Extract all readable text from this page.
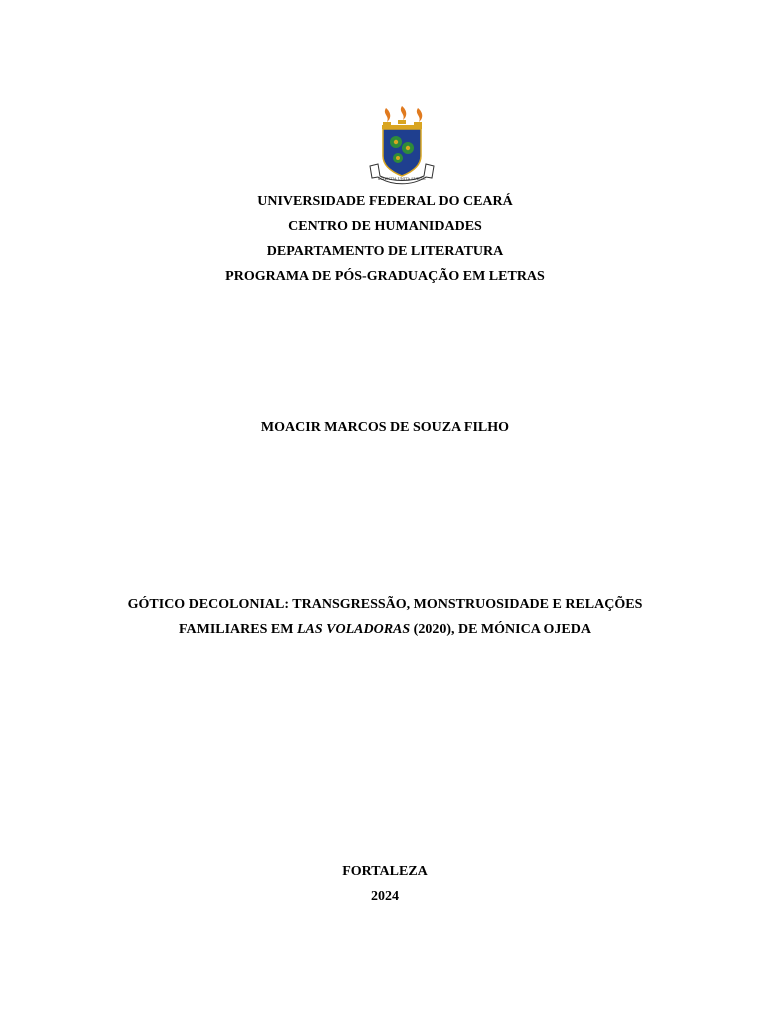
SCIENTIA UNITA SURGIT
UNIVERSIDADE FEDERAL DO CEARÁ
CENTRO DE HUMANIDADES
DEPARTAMENTO DE LITERATURA
PROGRAMA DE PÓS-GRADUAÇÃO EM LETRAS
MOACIR MARCOS DE SOUZA FILHO
GÓTICO DECOLONIAL: TRANSGRESSÃO, MONSTRUOSIDADE E RELAÇÕES
FAMILIARES EM LAS VOLADORAS (2020), DE MÓNICA OJEDA
FORTALEZA
2024
